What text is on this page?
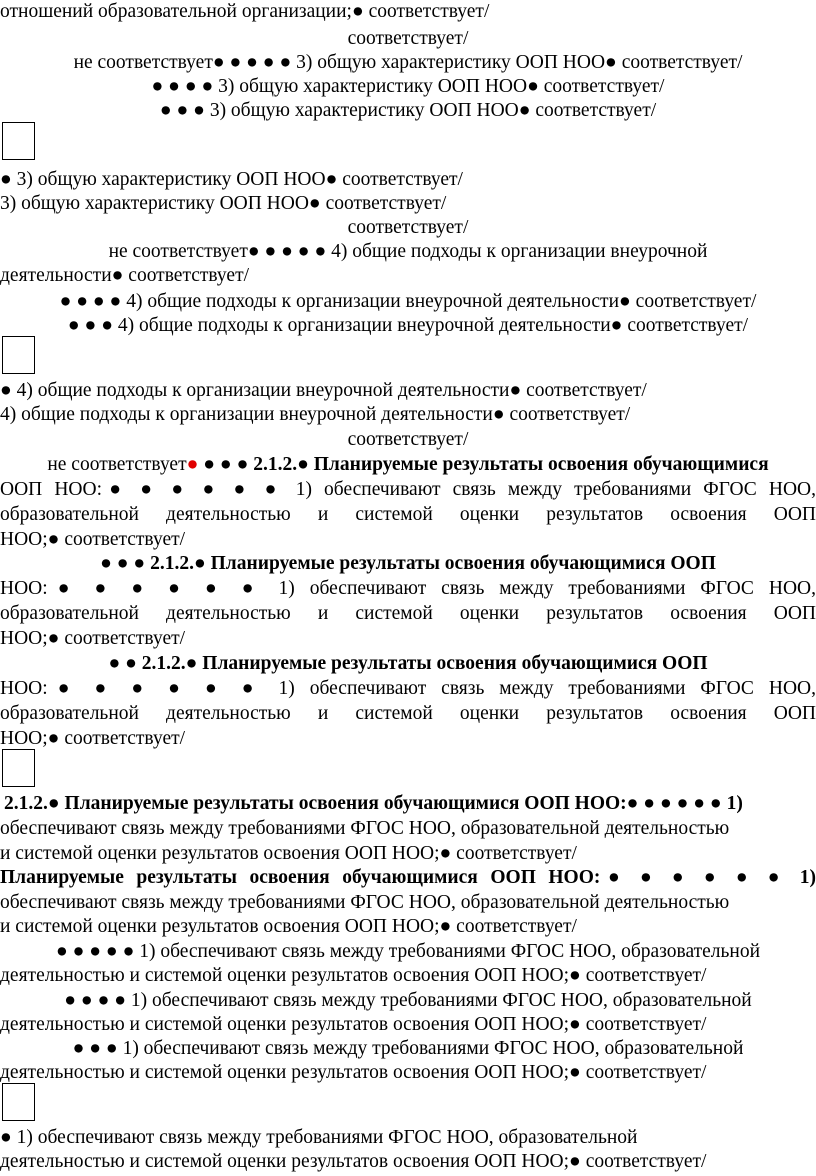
отношений образовательной организации;● соответствует/
соответствует/
не соответствует● ● ● ● ● 3) общую характеристику ООП НОО● соответствует/
● ● ● ● 3) общую характеристику ООП НОО● соответствует/
● ● ● 3) общую характеристику ООП НОО● соответствует/
● 3) общую характеристику ООП НОО● соответствует/
3) общую характеристику ООП НОО● соответствует/
соответствует/
не соответствует● ● ● ● ● 4) общие подходы к организации внеурочной
деятельности● соответствует/
● ● ● ● 4) общие подходы к организации внеурочной деятельности● соответствует/
● ● ● 4) общие подходы к организации внеурочной деятельности● соответствует/
● 4) общие подходы к организации внеурочной деятельности● соответствует/
4) общие подходы к организации внеурочной деятельности● соответствует/
соответствует/
не соответствует● ● ● ● 2.1.2.● Планируемые результаты освоения обучающимися
ООП НОО:● ● ● ● ● ● 1) обеспечивают связь между требованиями ФГОС НОО,
образовательной деятельностью и системой оценки результатов освоения ООП
НОО;● соответствует/
● ● ● 2.1.2.● Планируемые результаты освоения обучающимися ООП
НОО:● ● ● ● ● ● 1) обеспечивают связь между требованиями ФГОС НОО,
образовательной деятельностью и системой оценки результатов освоения ООП
НОО;● соответствует/
● ● 2.1.2.● Планируемые результаты освоения обучающимися ООП
НОО:● ● ● ● ● ● 1) обеспечивают связь между требованиями ФГОС НОО,
образовательной деятельностью и системой оценки результатов освоения ООП
НОО;● соответствует/
2.1.2.● Планируемые результаты освоения обучающимися ООП НОО:● ● ● ● ● ● 1)
обеспечивают связь между требованиями ФГОС НОО, образовательной деятельностью
и системой оценки результатов освоения ООП НОО;● соответствует/
Планируемые результаты освоения обучающимися ООП НОО:● ● ● ● ● ● 1)
обеспечивают связь между требованиями ФГОС НОО, образовательной деятельностью
и системой оценки результатов освоения ООП НОО;● соответствует/
● ● ● ● ● 1) обеспечивают связь между требованиями ФГОС НОО, образовательной
деятельностью и системой оценки результатов освоения ООП НОО;● соответствует/
● ● ● ● 1) обеспечивают связь между требованиями ФГОС НОО, образовательной
деятельностью и системой оценки результатов освоения ООП НОО;● соответствует/
● ● ● 1) обеспечивают связь между требованиями ФГОС НОО, образовательной
деятельностью и системой оценки результатов освоения ООП НОО;● соответствует/
● 1) обеспечивают связь между требованиями ФГОС НОО, образовательной
деятельностью и системой оценки результатов освоения ООП НОО;● соответствует/
